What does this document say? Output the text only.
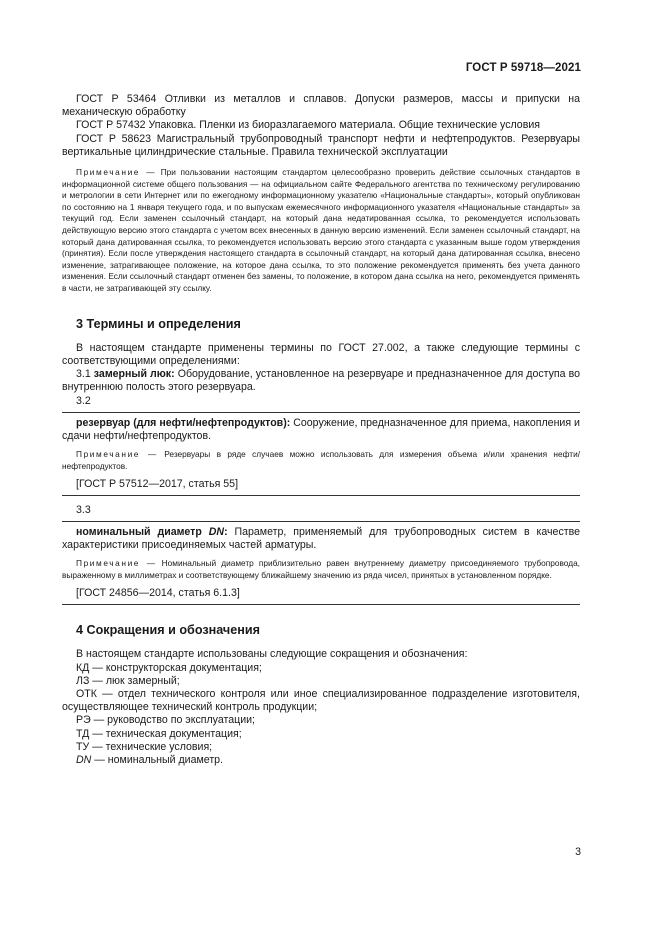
ГОСТ Р 59718—2021

ГОСТ Р 53464 Отливки из металлов и сплавов. Допуски размеров, массы и припуски на механическую обработку

ГОСТ Р 57432 Упаковка. Пленки из биоразлагаемого материала. Общие технические условия

ГОСТ Р 58623 Магистральный трубопроводный транспорт нефти и нефтепродуктов. Резервуары вертикальные цилиндрические стальные. Правила технической эксплуатации

Примечание — При пользовании настоящим стандартом целесообразно проверить действие ссылочных стандартов в информационной системе общего пользования — на официальном сайте Федерального агентства по техническому регулированию и метрологии в сети Интернет или по ежегодному информационному указателю «Национальные стандарты», который опубликован по состоянию на 1 января текущего года, и по выпускам ежемесячного информационного указателя «Национальные стандарты» за текущий год. Если заменен ссылочный стандарт, на который дана недатированная ссылка, то рекомендуется использовать действующую версию этого стандарта с учетом всех внесенных в данную версию изменений. Если заменен ссылочный стандарт, на который дана датированная ссылка, то рекомендуется использовать версию этого стандарта с указанным выше годом утверждения (принятия). Если после утверждения настоящего стандарта в ссылочный стандарт, на который дана датированная ссылка, внесено изменение, затрагивающее положение, на которое дана ссылка, то это положение рекомендуется применять без учета данного изменения. Если ссылочный стандарт отменен без замены, то положение, в котором дана ссылка на него, рекомендуется применять в части, не затрагивающей эту ссылку.

3 Термины и определения

В настоящем стандарте применены термины по ГОСТ 27.002, а также следующие термины с соответствующими определениями:

3.1 замерный люк: Оборудование, установленное на резервуаре и предназначенное для доступа во внутреннюю полость этого резервуара.

3.2

резервуар (для нефти/нефтепродуктов): Сооружение, предназначенное для приема, накопления и сдачи нефти/нефтепродуктов.

Примечание — Резервуары в ряде случаев можно использовать для измерения объема и/или хранения нефти/нефтепродуктов.

[ГОСТ Р 57512—2017, статья 55]

3.3

номинальный диаметр DN: Параметр, применяемый для трубопроводных систем в качестве характеристики присоединяемых частей арматуры.

Примечание — Номинальный диаметр приблизительно равен внутреннему диаметру присоединяемого трубопровода, выраженному в миллиметрах и соответствующему ближайшему значению из ряда чисел, принятых в установленном порядке.

[ГОСТ 24856—2014, статья 6.1.3]

4 Сокращения и обозначения

В настоящем стандарте использованы следующие сокращения и обозначения:

КД — конструкторская документация;

ЛЗ — люк замерный;

ОТК — отдел технического контроля или иное специализированное подразделение изготовителя, осуществляющее технический контроль продукции;

РЭ — руководство по эксплуатации;

ТД — техническая документация;

ТУ — технические условия;

DN — номинальный диаметр.

3
